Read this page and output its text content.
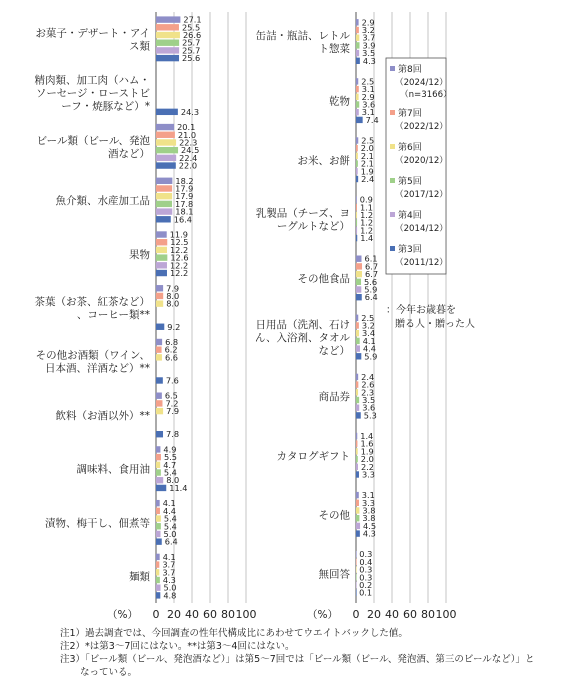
0 20 40 60 80 100
（%）
お菓子・デザート・アイ
ス類
27.1
25.5
26.6
25.7
25.7
25.6
精肉類、加工肉（ハム・
ソーセージ・ローストビ
ーフ・焼豚など）*	24.3
ビール類（ビール、発泡
酒など）
20.1
21.0
22.3
24.5
22.4
22.0
魚介類、水産加工品
18.2
17.9
17.9
17.8
18.1
16.4
果物
11.9
12.5
12.2
12.6
12.2
12.2
茶葉（お茶、紅茶など）
、コーヒー類**
7.9
8.0
8.0
9.2
その他お酒類（ワイン、
日本酒、洋酒など）**
6.8
6.2
6.6
7.6
飲料（お酒以外）**
6.5
7.2
7.9
7.8
調味料、食用油
4.9
5.5
4.7
5.4
8.0
11.4
漬物、梅干し、佃煮等
4.1
4.4
5.4
5.4
5.0
6.4
麺類
4.1
3.7
3.7
4.3
5.0
4.8
0 20 40 60 80 100
（%）
缶詰・瓶詰、レトル
ト惣菜
2.9
3.2
3.7
3.9
3.5
4.3
乾物
2.5
3.1
2.9
3.6
3.1
7.4
お米、お餅
2.5
2.0
2.1
2.1
1.9
2.4
乳製品（チーズ、ヨ
ーグルトなど）
0.9
1.1
1.2
1.2
1.2
1.4
その他食品
6.1
6.7
6.7
5.6
5.9
6.4
日用品（洗剤、石け
ん、入浴剤、タオル
など）
2.5
3.2
3.4
4.1
4.4
5.9
商品券
2.4
2.6
2.3
3.5
3.6
5.3
カタログギフト
1.4
1.6
1.9
2.0
2.2
3.3
その他
3.1
3.3
3.8
3.8
4.5
4.3
無回答
0.3
0.4
0.3
0.3
0.2
0.1
第8回
（2024/12）
（n=3166）
第7回
（2022/12）
第6回
（2020/12）
第5回
（2017/12）
第4回
（2014/12）
第3回
（2011/12）
：今年お歳暮を
贈る人・贈った人
注1）過去調査では、今回調査の性年代構成比にあわせてウエイトバックした値。
注2）*は第3～7回にはない。**は第3～4回にはない。
注3）「ビール類（ビール、発泡酒など）」は第5～7回では「ビール類（ビール、発泡酒、第三のビールなど）」と
なっている。
